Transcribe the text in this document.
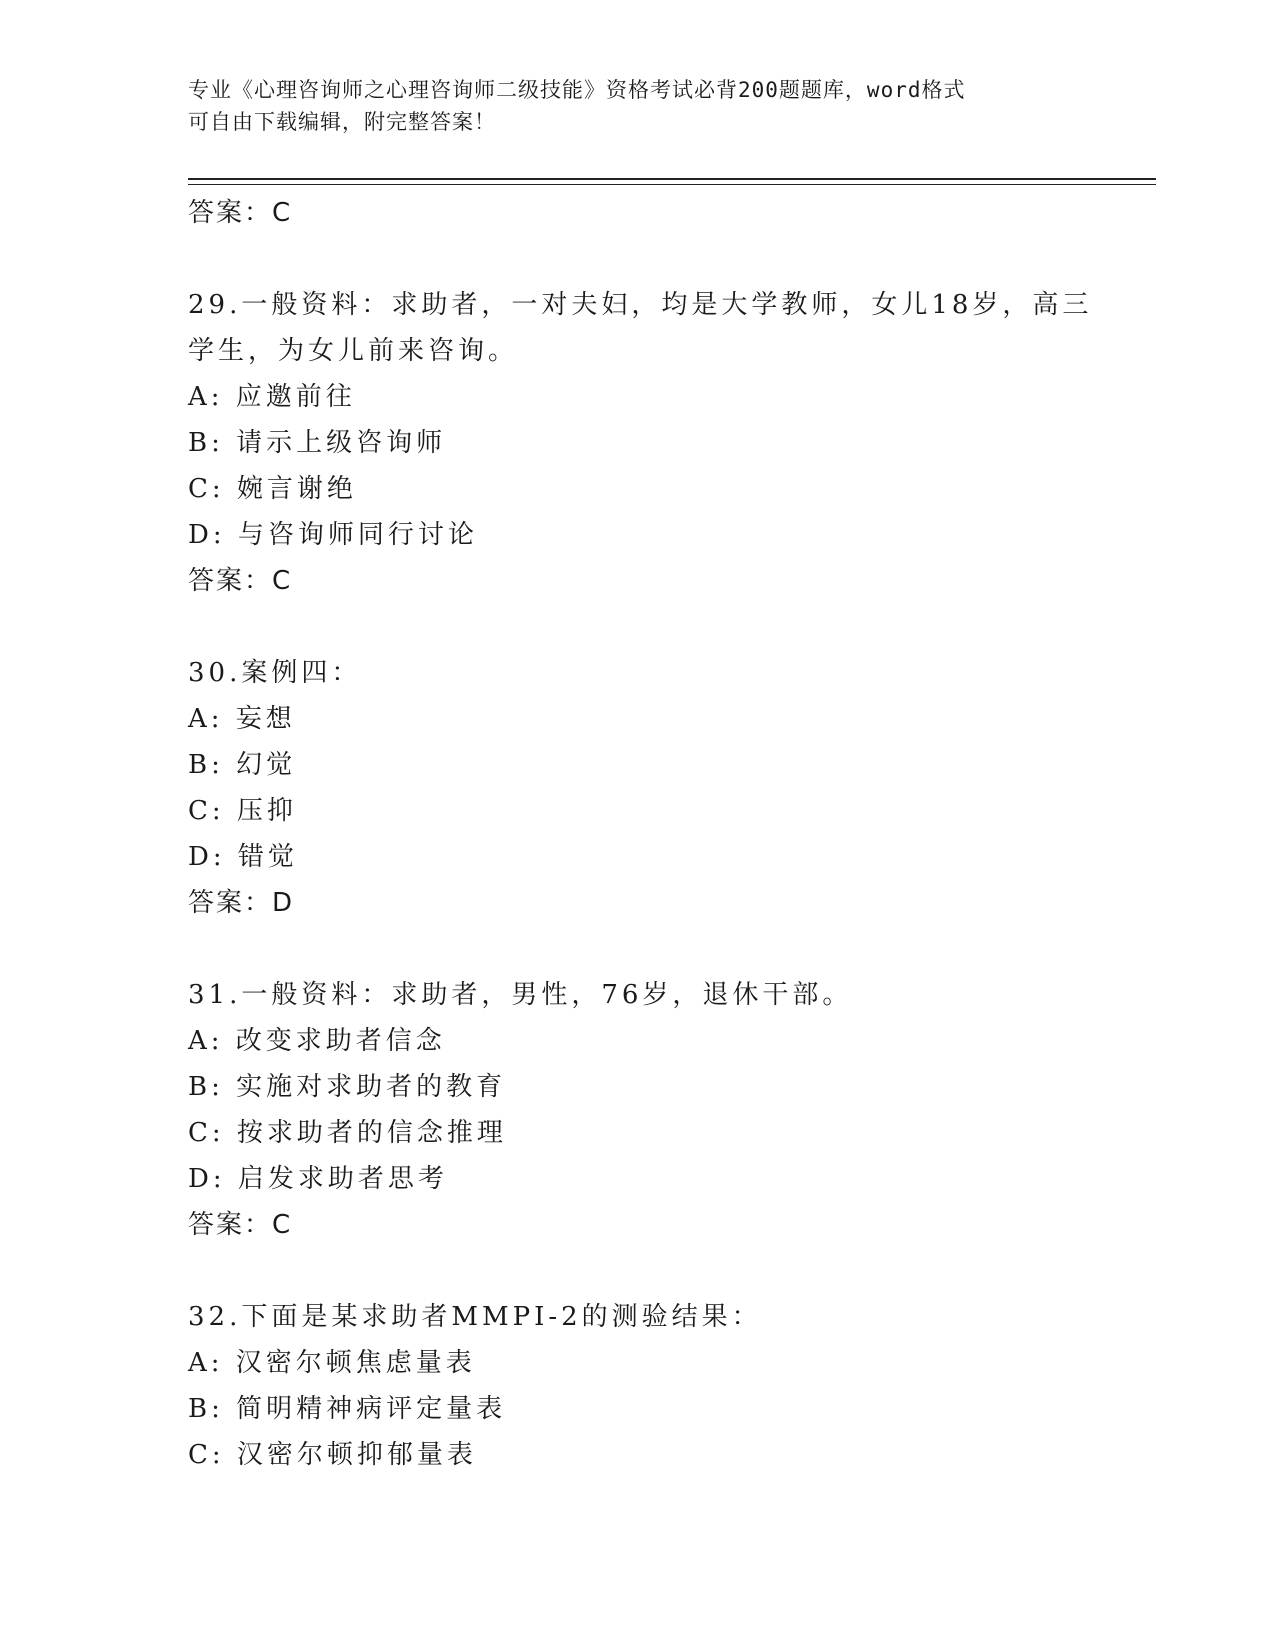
专业《心理咨询师之心理咨询师二级技能》资格考试必背200题题库，word格式
可自由下载编辑，附完整答案！
答案：C
29.一般资料：求助者，一对夫妇，均是大学教师，女儿18岁，高三
学生，为女儿前来咨询。
A: 应邀前往
B: 请示上级咨询师
C: 婉言谢绝
D: 与咨询师同行讨论
答案：C
30.案例四：
A: 妄想
B: 幻觉
C: 压抑
D: 错觉
答案：D
31.一般资料：求助者，男性，76岁，退休干部。
A: 改变求助者信念
B: 实施对求助者的教育
C: 按求助者的信念推理
D: 启发求助者思考
答案：C
32.下面是某求助者MMPI-2的测验结果：
A: 汉密尔顿焦虑量表
B: 简明精神病评定量表
C: 汉密尔顿抑郁量表
